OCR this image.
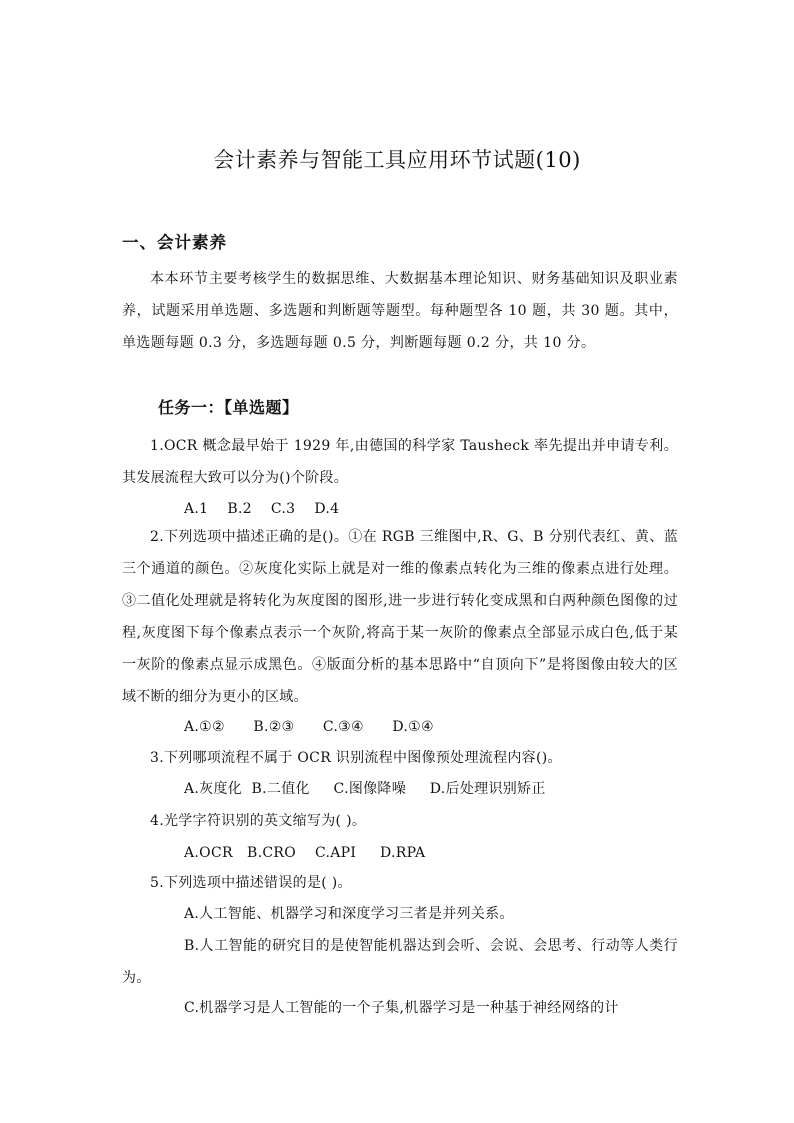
会计素养与智能工具应用环节试题(10)
一、会计素养

本本环节主要考核学生的数据思维、大数据基本理论知识、财务基础知识及职业素养，试题采用单选题、多选题和判断题等题型。每种题型各 10 题，共 30 题。其中，单选题每题 0.3 分，多选题每题 0.5 分，判断题每题 0.2 分，共 10 分。

任务一：【单选题】

1.OCR 概念最早始于 1929 年,由德国的科学家 Tausheck 率先提出并申请专利。其发展流程大致可以分为()个阶段。

A.1    B.2    C.3    D.4

2.下列选项中描述正确的是()。①在 RGB 三维图中,R、G、B 分别代表红、黄、蓝三个通道的颜色。②灰度化实际上就是对一维的像素点转化为三维的像素点进行处理。③二值化处理就是将转化为灰度图的图形,进一步进行转化变成黑和白两种颜色图像的过程,灰度图下每个像素点表示一个灰阶,将高于某一灰阶的像素点全部显示成白色,低于某一灰阶的像素点显示成黑色。④版面分析的基本思路中“自顶向下”是将图像由较大的区域不断的细分为更小的区域。

A.①②      B.②③      C.③④      D.①④

3.下列哪项流程不属于 OCR 识别流程中图像预处理流程内容()。

A.灰度化  B.二值化     C.图像降噪     D.后处理识别矫正

4.光学字符识别的英文缩写为( )。

A.OCR   B.CRO    C.API     D.RPA

5.下列选项中描述错误的是( )。

A.人工智能、机器学习和深度学习三者是并列关系。

B.人工智能的研究目的是使智能机器达到会听、会说、会思考、行动等人类行为。

C.机器学习是人工智能的一个子集,机器学习是一种基于神经网络的计
